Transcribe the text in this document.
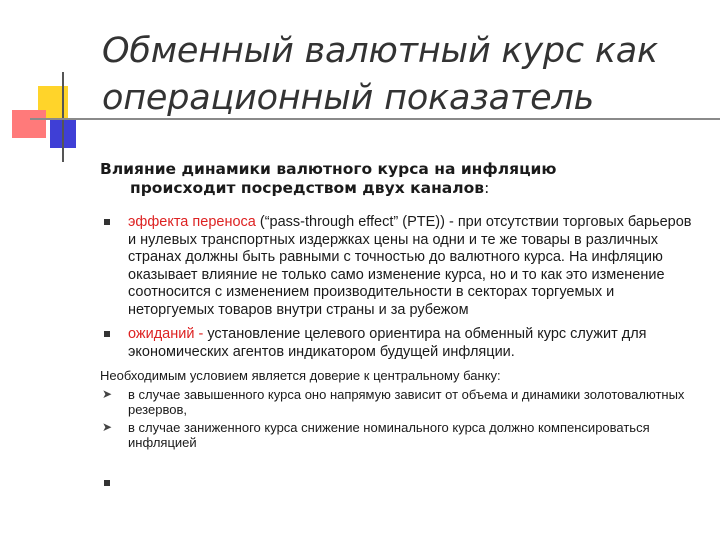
Обменный валютный курс как
операционный показатель

Влияние динамики валютного курса на инфляцию
происходит посредством двух каналов:

эффекта переноса (“pass-through effect” (PTE)) - при отсутствии торговых барьеров и нулевых транспортных издержках цены на одни и те же товары в различных странах должны быть равными с точностью до валютного курса. На инфляцию оказывает влияние не только само изменение курса, но и то как это изменение соотносится с изменением производительности в секторах торгуемых и неторгуемых товаров внутри страны и за рубежом
ожиданий - установление целевого ориентира на обменный курс служит для экономических агентов индикатором будущей инфляции.
Необходимым условием является доверие к центральному банку:
➤ в случае завышенного курса оно напрямую зависит от объема и динамики золотовалютных резервов,
➤ в случае заниженного курса снижение номинального курса должно компенсироваться инфляцией
